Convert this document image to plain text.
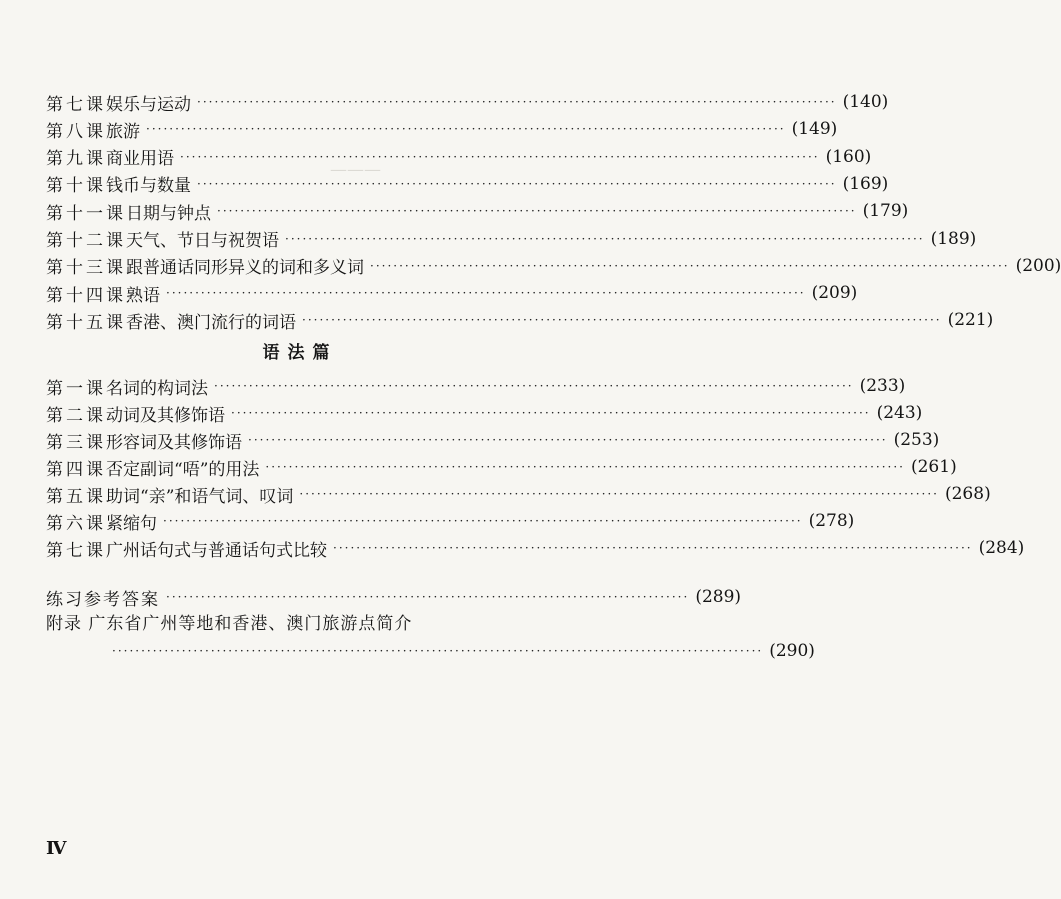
———
第七课 娱乐与运动 ·············································································································· (140)
第八课 旅游 ·············································································································· (149)
第九课 商业用语 ·············································································································· (160)
第十课 钱币与数量 ·············································································································· (169)
第十一课 日期与钟点 ·············································································································· (179)
第十二课 天气、节日与祝贺语 ·············································································································· (189)
第十三课 跟普通话同形异义的词和多义词 ·············································································································· (200)
第十四课 熟语 ·············································································································· (209)
第十五课 香港、澳门流行的词语 ·············································································································· (221)
语法篇
第一课 名词的构词法 ·············································································································· (233)
第二课 动词及其修饰语 ·············································································································· (243)
第三课 形容词及其修饰语 ·············································································································· (253)
第四课 否定副词“唔”的用法 ·············································································································· (261)
第五课 助词“亲”和语气词、叹词 ·············································································································· (268)
第六课 紧缩句 ·············································································································· (278)
第七课 广州话句式与普通话句式比较 ·············································································································· (284)
练习参考答案 ·························································································· (289)
附录 广东省广州等地和香港、澳门旅游点简介
················································································································ (290)
Ⅳ
